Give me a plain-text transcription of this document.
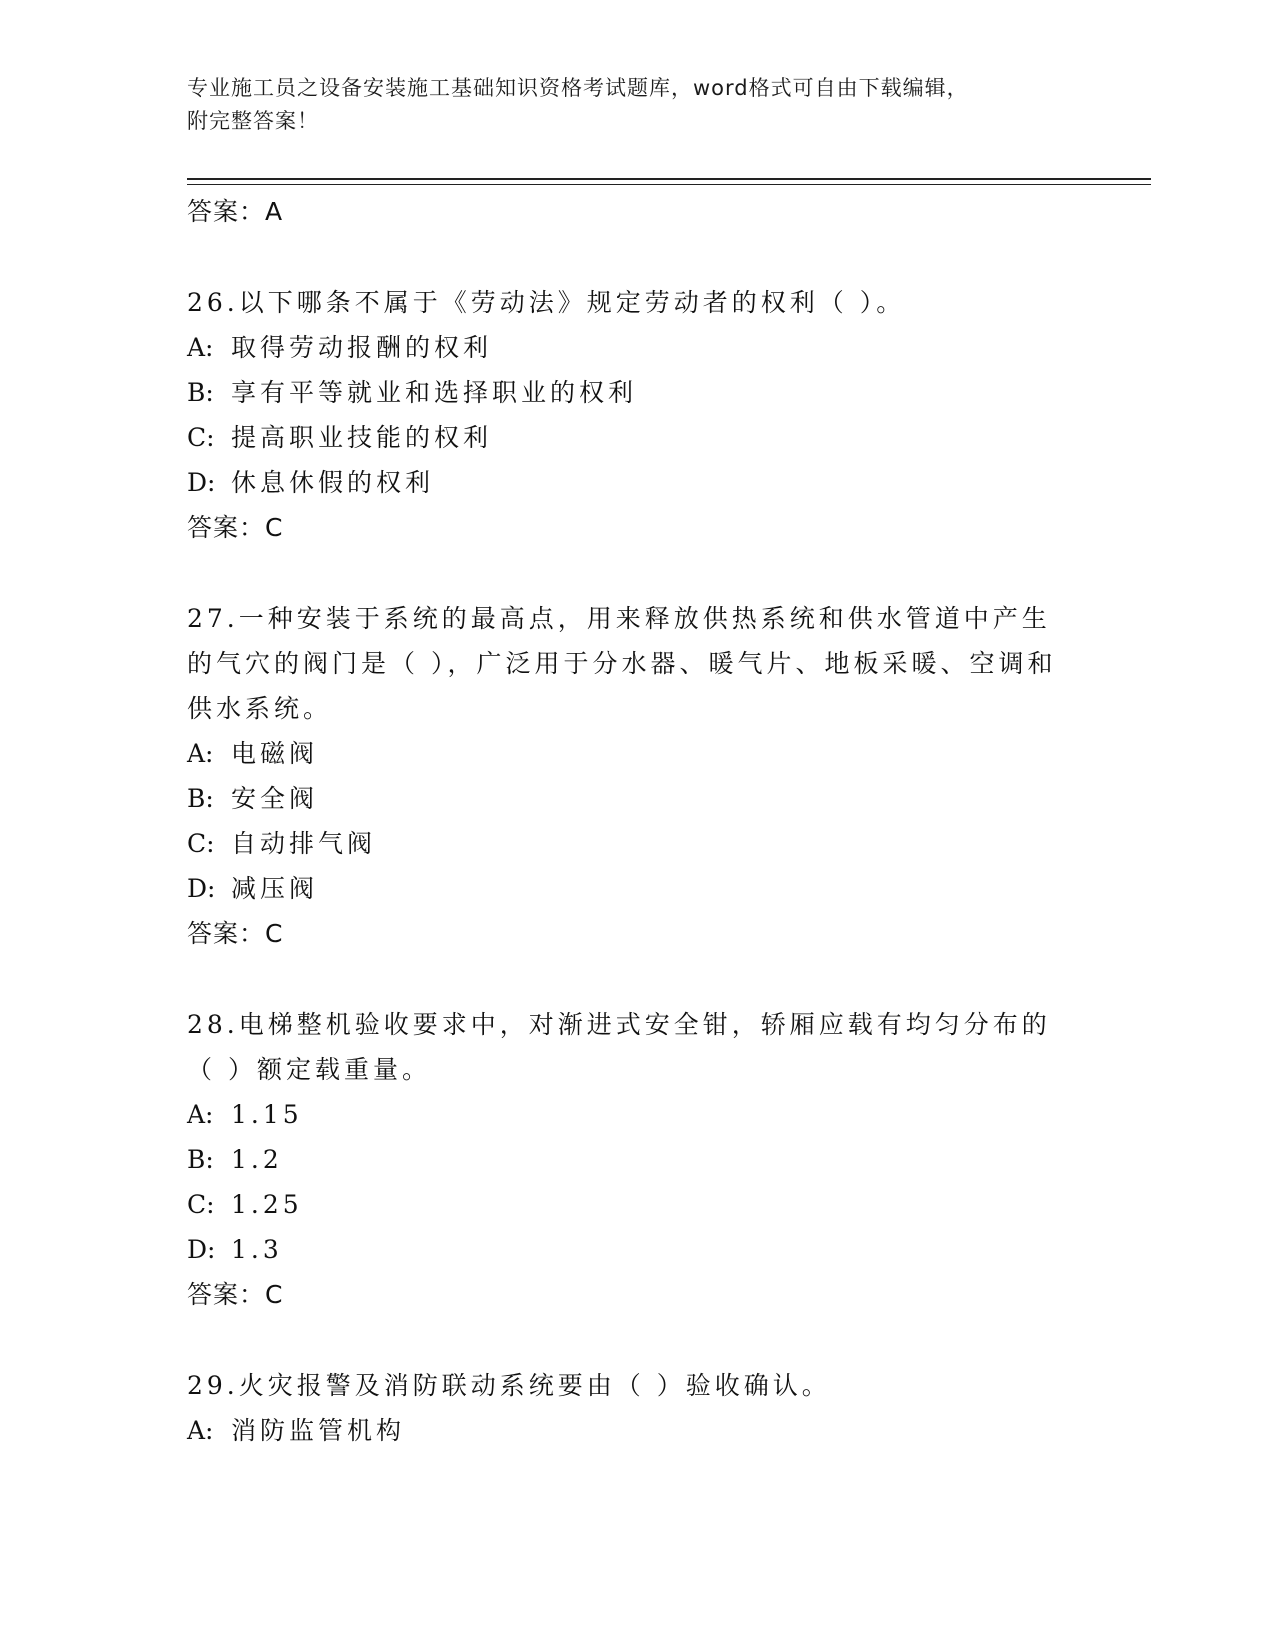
专业施工员之设备安装施工基础知识资格考试题库，word格式可自由下载编辑，
附完整答案！
答案：A
26.以下哪条不属于《劳动法》规定劳动者的权利（ ）。
A: 取得劳动报酬的权利
B: 享有平等就业和选择职业的权利
C: 提高职业技能的权利
D: 休息休假的权利
答案：C
27.一种安装于系统的最高点，用来释放供热系统和供水管道中产生的气穴的阀门是（ ），广泛用于分水器、暖气片、地板采暖、空调和供水系统。
A: 电磁阀
B: 安全阀
C: 自动排气阀
D: 减压阀
答案：C
28.电梯整机验收要求中，对渐进式安全钳，轿厢应载有均匀分布的（ ）额定载重量。
A: 1.15
B: 1.2
C: 1.25
D: 1.3
答案：C
29.火灾报警及消防联动系统要由（ ）验收确认。
A: 消防监管机构
